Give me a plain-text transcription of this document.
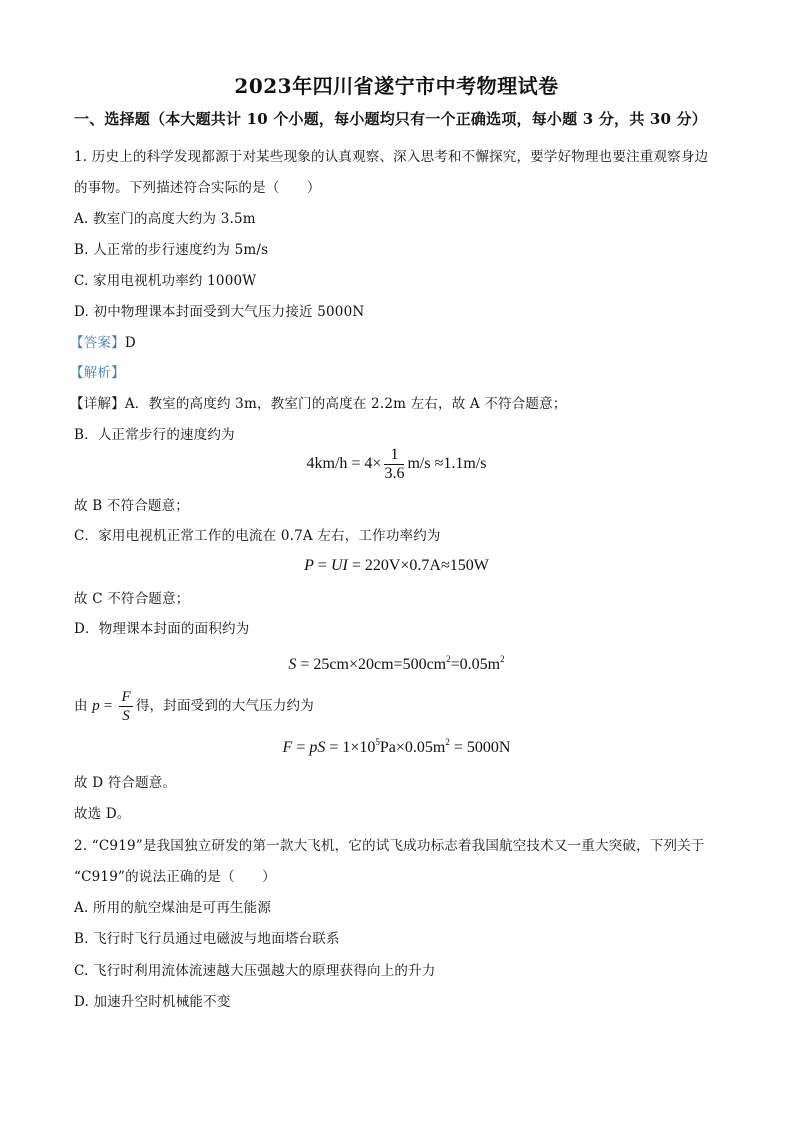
2023年四川省遂宁市中考物理试卷
一、选择题（本大题共计 10 个小题，每小题均只有一个正确选项，每小题 3 分，共 30 分）
1. 历史上的科学发现都源于对某些现象的认真观察、深入思考和不懈探究，要学好物理也要注重观察身边
的事物。下列描述符合实际的是（　　）
A. 教室门的高度大约为 3.5m
B. 人正常的步行速度约为 5m/s
C. 家用电视机功率约 1000W
D. 初中物理课本封面受到大气压力接近 5000N
【答案】D
【解析】
【详解】A．教室的高度约 3m，教室门的高度在 2.2m 左右，故 A 不符合题意；
B．人正常步行的速度约为
$4km/h = 4\times \frac{1}{3.6} m/s \approx 1.1m/s$
故 B 不符合题意；
C．家用电视机正常工作的电流在 0.7A 左右，工作功率约为
P = UI = 220V×0.7A≈150W
故 C 不符合题意；
D．物理课本封面的面积约为
$S = 25cm\times 20cm=500cm^2=0.05m^2$
由 $p = \frac{F}{S}$ 得，封面受到的大气压力约为
F = pS = $1\times 10^5Pa\times 0.05m^2 = 5000N$
故 D 符合题意。
故选 D。
2. “C919”是我国独立研发的第一款大飞机，它的试飞成功标志着我国航空技术又一重大突破，下列关于
“C919”的说法正确的是（　　）
A. 所用的航空煤油是可再生能源
B. 飞行时飞行员通过电磁波与地面塔台联系
C. 飞行时利用流体流速越大压强越大的原理获得向上的升力
D. 加速升空时机械能不变
